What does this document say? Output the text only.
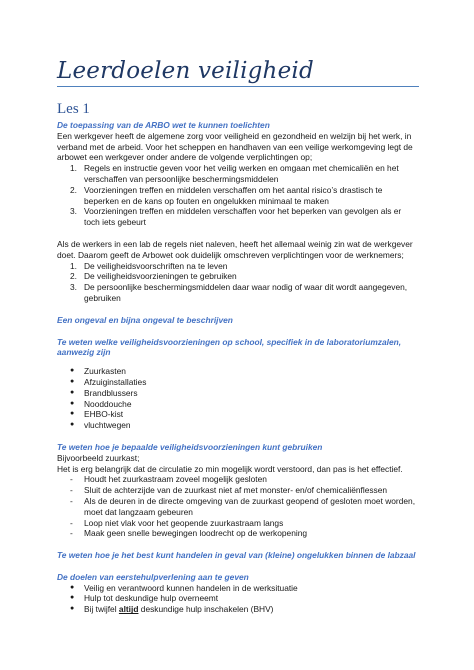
Leerdoelen veiligheid
Les 1

De toepassing van de ARBO wet te kunnen toelichten

Een werkgever heeft de algemene zorg voor veiligheid en gezondheid en welzijn bij het werk, in verband met de arbeid. Voor het scheppen en handhaven van een veilige werkomgeving legt de arbowet een werkgever onder andere de volgende verplichtingen op;

1. Regels en instructie geven voor het veilig werken en omgaan met chemicaliën en het verschaffen van persoonlijke beschermingsmiddelen
2. Voorzieningen treffen en middelen verschaffen om het aantal risico’s drastisch te beperken en de kans op fouten en ongelukken minimaal te maken
3. Voorzieningen treffen en middelen verschaffen voor het beperken van gevolgen als er toch iets gebeurt

Als de werkers in een lab de regels niet naleven, heeft het allemaal weinig zin wat de werkgever doet. Daarom geeft de Arbowet ook duidelijk omschreven verplichtingen voor de werknemers;

1. De veiligheidsvoorschriften na te leven
2. De veiligheidsvoorzieningen te gebruiken
3. De persoonlijke beschermingsmiddelen daar waar nodig of waar dit wordt aangegeven, gebruiken

Een ongeval en bijna ongeval te beschrijven

Te weten welke veiligheidsvoorzieningen op school, specifiek in de laboratoriumzalen, aanwezig zijn

●	Zuurkasten
●	Afzuiginstallaties
●	Brandblussers
●	Nooddouche
●	EHBO-kist
●	vluchtwegen

Te weten hoe je bepaalde veiligheidsvoorzieningen kunt gebruiken

Bijvoorbeeld zuurkast;

Het is erg belangrijk dat de circulatie zo min mogelijk wordt verstoord, dan pas is het effectief.

-	Houdt het zuurkastraam zoveel mogelijk gesloten
-	Sluit de achterzijde van de zuurkast niet af met monster- en/of chemicaliënflessen
-	Als de deuren in de directe omgeving van de zuurkast geopend of gesloten moet worden, moet dat langzaam gebeuren
-	Loop niet vlak voor het geopende zuurkastraam langs
-	Maak geen snelle bewegingen loodrecht op de werkopening

Te weten hoe je het best kunt handelen in geval van (kleine) ongelukken binnen de labzaal

De doelen van eerstehulpverlening aan te geven

●	Veilig en verantwoord kunnen handelen in de werksituatie
●	Hulp tot deskundige hulp overneemt
●	Bij twijfel altijd deskundige hulp inschakelen (BHV)
